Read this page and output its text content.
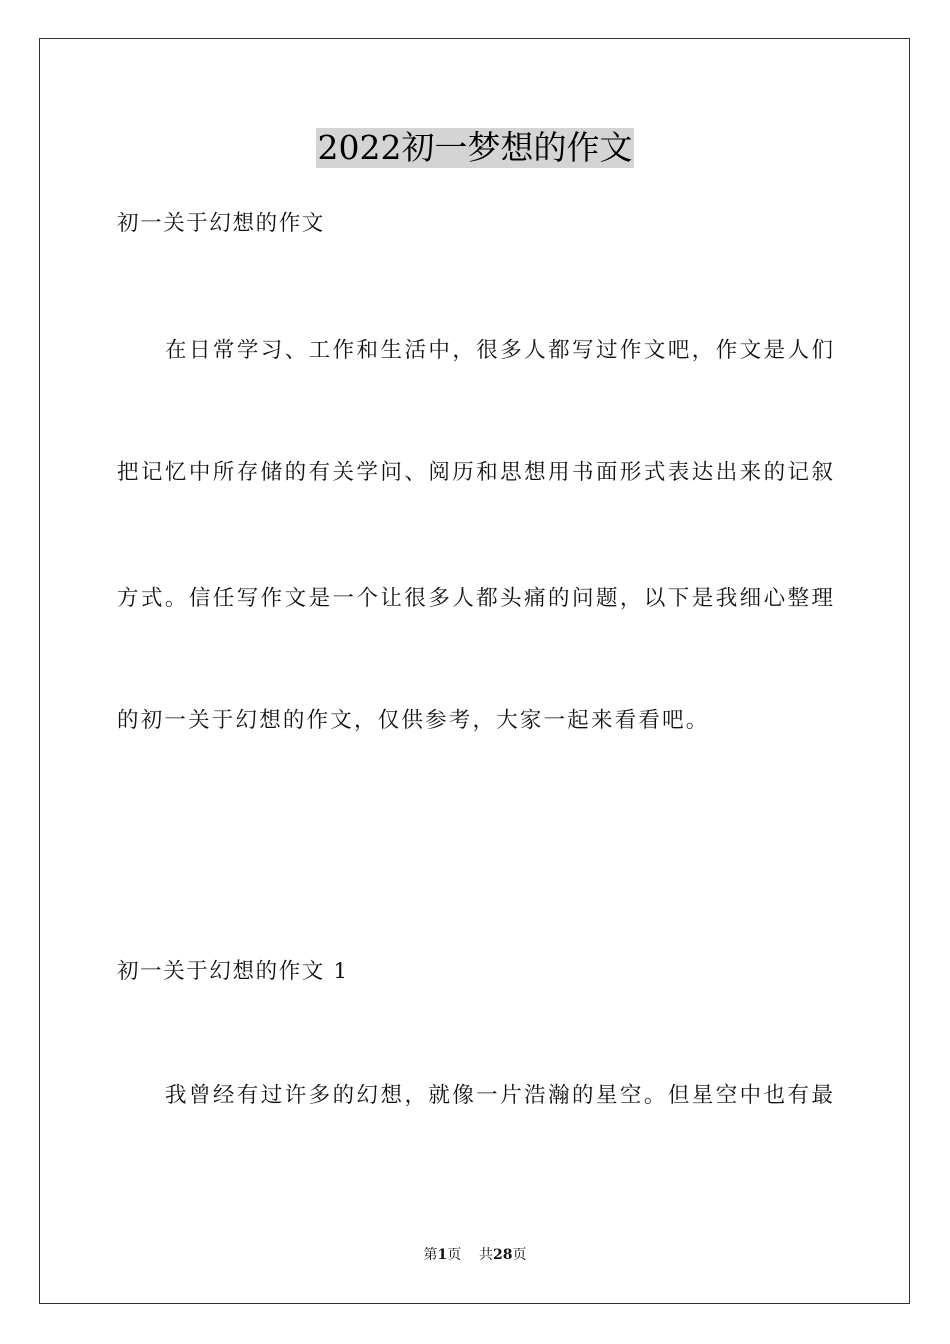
2022初一梦想的作文
初一关于幻想的作文
在日常学习、工作和生活中，很多人都写过作文吧，作文是人们
把记忆中所存储的有关学问、阅历和思想用书面形式表达出来的记叙
方式。信任写作文是一个让很多人都头痛的问题，以下是我细心整理
的初一关于幻想的作文，仅供参考，大家一起来看看吧。
初一关于幻想的作文 1
我曾经有过许多的幻想，就像一片浩瀚的星空。但星空中也有最
第1页 共28页
